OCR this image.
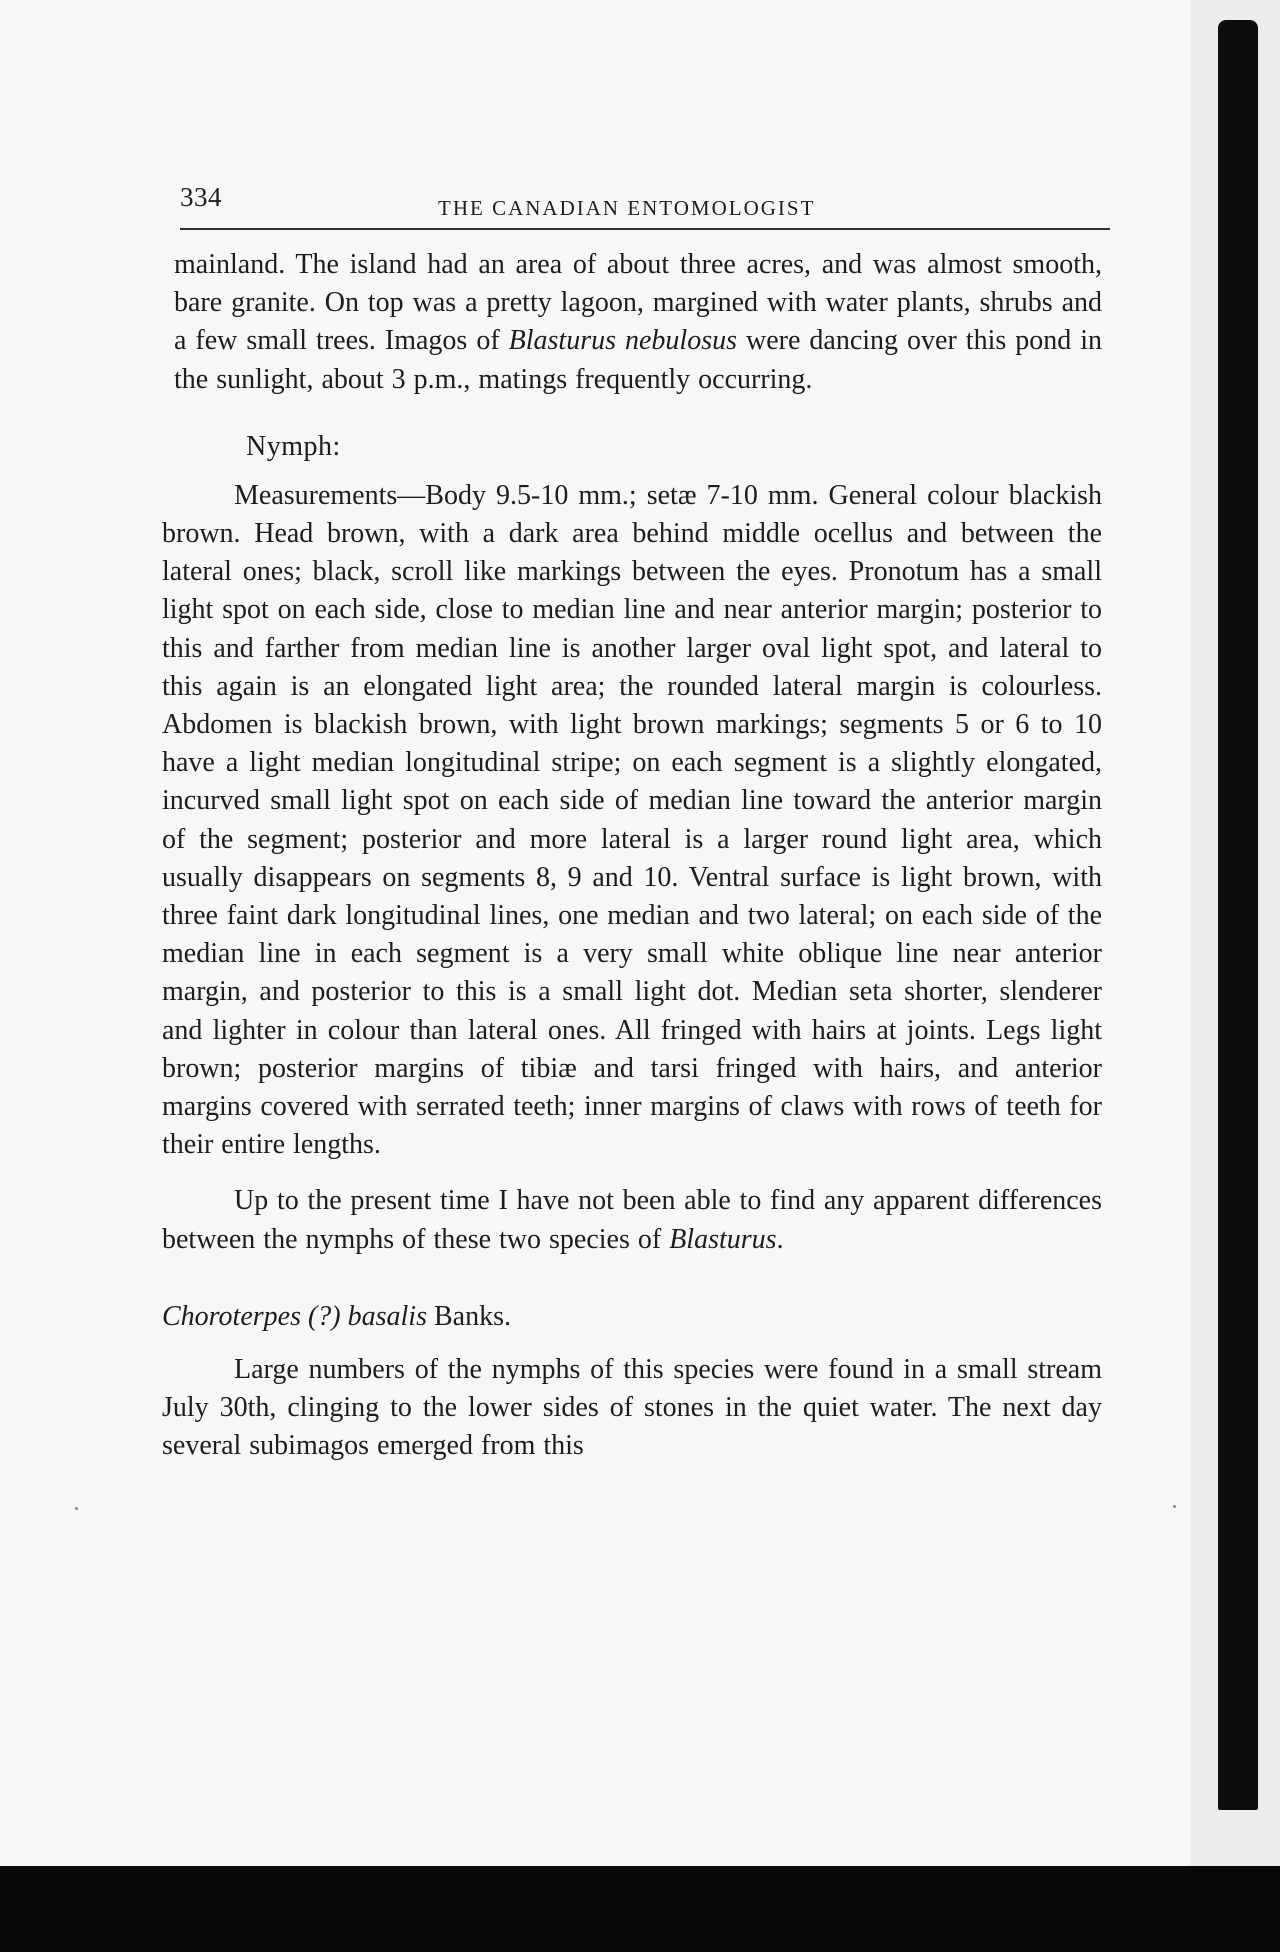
334	THE CANADIAN ENTOMOLOGIST

mainland. The island had an area of about three acres, and was almost smooth, bare granite. On top was a pretty lagoon, margined with water plants, shrubs and a few small trees. Imagos of Blasturus nebulosus were dancing over this pond in the sunlight, about 3 p.m., matings frequently occurring.

Nymph:

Measurements—Body 9.5-10 mm.; setæ 7-10 mm. General colour blackish brown. Head brown, with a dark area behind middle ocellus and between the lateral ones; black, scroll like markings between the eyes. Pronotum has a small light spot on each side, close to median line and near anterior margin; posterior to this and farther from median line is another larger oval light spot, and lateral to this again is an elongated light area; the rounded lateral margin is colourless. Abdomen is blackish brown, with light brown markings; segments 5 or 6 to 10 have a light median longitudinal stripe; on each segment is a slightly elongated, incurved small light spot on each side of median line toward the anterior margin of the segment; posterior and more lateral is a larger round light area, which usually disappears on segments 8, 9 and 10. Ventral surface is light brown, with three faint dark longitudinal lines, one median and two lateral; on each side of the median line in each segment is a very small white oblique line near anterior margin, and posterior to this is a small light dot. Median seta shorter, slenderer and lighter in colour than lateral ones. All fringed with hairs at joints. Legs light brown; posterior margins of tibiæ and tarsi fringed with hairs, and anterior margins covered with serrated teeth; inner margins of claws with rows of teeth for their entire lengths.

Up to the present time I have not been able to find any apparent differences between the nymphs of these two species of Blasturus.

Choroterpes (?) basalis Banks.

Large numbers of the nymphs of this species were found in a small stream July 30th, clinging to the lower sides of stones in the quiet water. The next day several subimagos emerged from this
